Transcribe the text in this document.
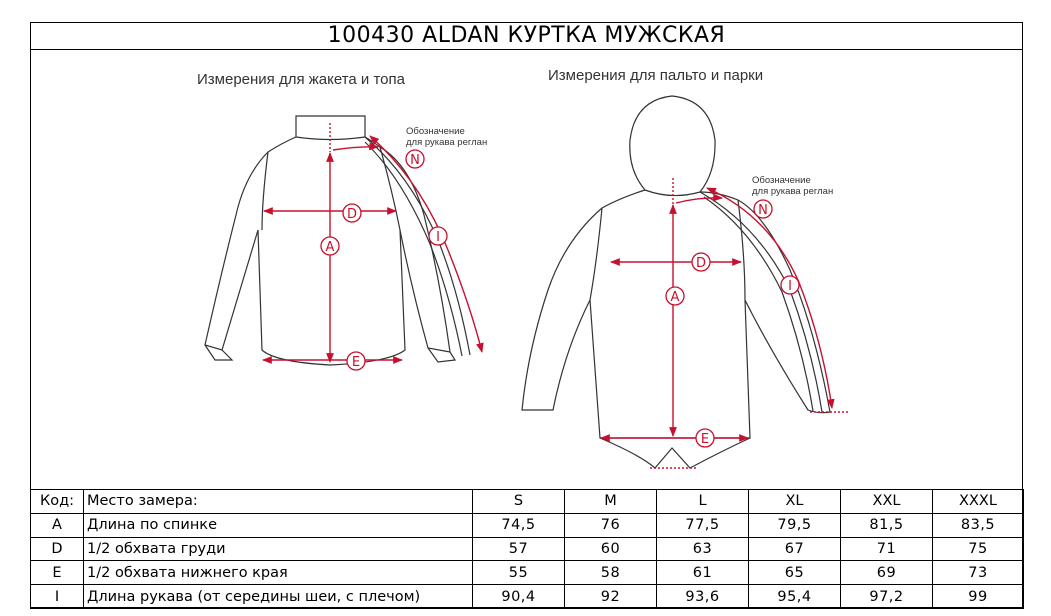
100430 ALDAN КУРТКА МУЖСКАЯ
Измерения для жакета и топа	Измерения для пальто и парки
Обозначение
для рукава реглан
Обозначение
для рукава реглан
D
A
E
N
I
D
A
E
N
I
Код:	Место замера:	S	M	L	XL	XXL	XXXL
A	Длина по спинке	74,5	76	77,5	79,5	81,5	83,5
D	1/2 обхвата груди	57	60	63	67	71	75
E	1/2 обхвата нижнего края	55	58	61	65	69	73
I	Длина рукава (от середины шеи, с плечом)	90,4	92	93,6	95,4	97,2	99
